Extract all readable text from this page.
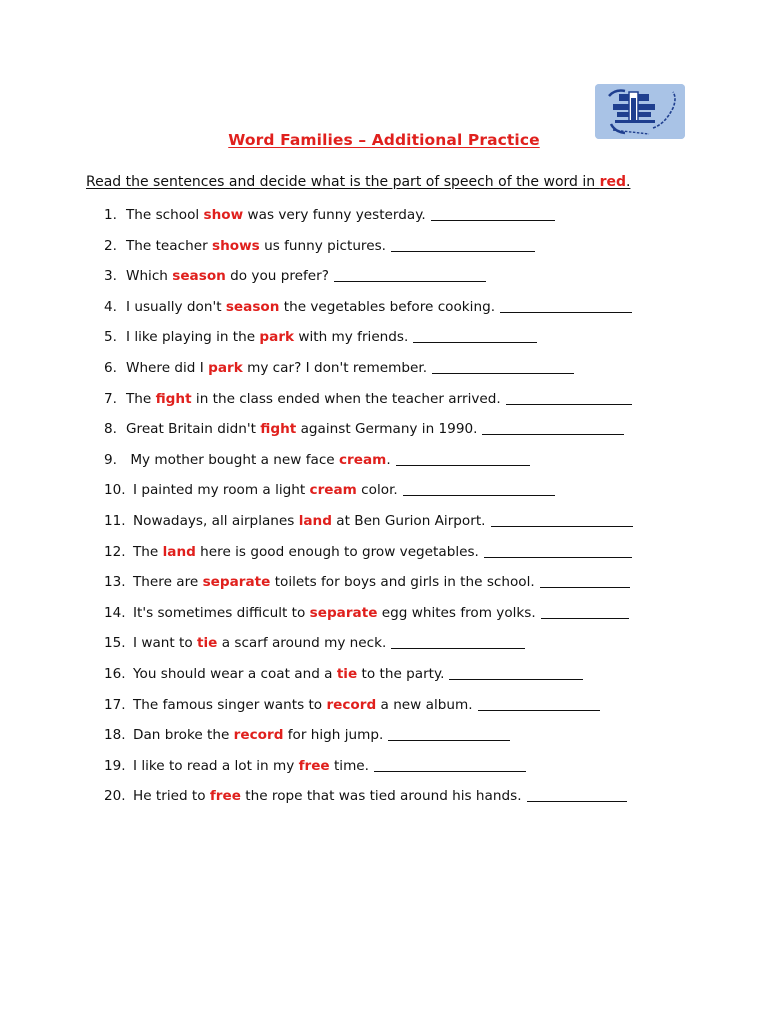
Word Families – Additional Practice
Read the sentences and decide what is the part of speech of the word in red.
1. The school show was very funny yesterday.
2. The teacher shows us funny pictures.
3. Which season do you prefer?
4. I usually don't season the vegetables before cooking.
5. I like playing in the park with my friends.
6. Where did I park my car? I don't remember.
7. The fight in the class ended when the teacher arrived.
8. Great Britain didn't fight against Germany in 1990.
9. My mother bought a new face cream .
10. I painted my room a light cream color.
11. Nowadays, all airplanes land at Ben Gurion Airport.
12. The land here is good enough to grow vegetables.
13. There are separate toilets for boys and girls in the school.
14. It's sometimes difficult to separate egg whites from yolks.
15. I want to tie a scarf around my neck.
16. You should wear a coat and a tie to the party.
17. The famous singer wants to record a new album.
18. Dan broke the record for high jump.
19. I like to read a lot in my free time.
20. He tried to free the rope that was tied around his hands.
